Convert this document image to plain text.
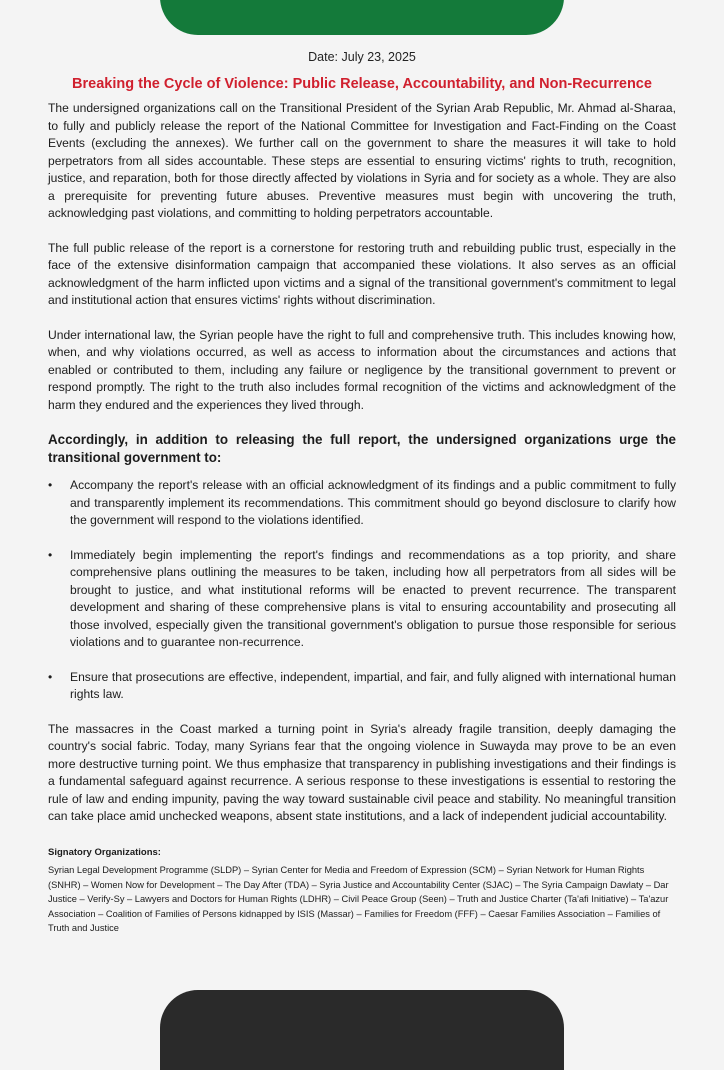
Date: July 23, 2025
Breaking the Cycle of Violence: Public Release, Accountability, and Non-Recurrence

The undersigned organizations call on the Transitional President of the Syrian Arab Republic, Mr. Ahmad al-Sharaa, to fully and publicly release the report of the National Committee for Investigation and Fact-Finding on the Coast Events (excluding the annexes). We further call on the government to share the measures it will take to hold perpetrators from all sides accountable. These steps are essential to ensuring victims' rights to truth, recognition, justice, and reparation, both for those directly affected by violations in Syria and for society as a whole. They are also a prerequisite for preventing future abuses. Preventive measures must begin with uncovering the truth, acknowledging past violations, and committing to holding perpetrators accountable.

The full public release of the report is a cornerstone for restoring truth and rebuilding public trust, especially in the face of the extensive disinformation campaign that accompanied these violations. It also serves as an official acknowledgment of the harm inflicted upon victims and a signal of the transitional government's commitment to legal and institutional action that ensures victims' rights without discrimination.

Under international law, the Syrian people have the right to full and comprehensive truth. This includes knowing how, when, and why violations occurred, as well as access to information about the circumstances and actions that enabled or contributed to them, including any failure or negligence by the transitional government to prevent or respond promptly. The right to the truth also includes formal recognition of the victims and acknowledgment of the harm they endured and the experiences they lived through.

Accordingly, in addition to releasing the full report, the undersigned organizations urge the transitional government to:
• Accompany the report's release with an official acknowledgment of its findings and a public commitment to fully and transparently implement its recommendations. This commitment should go beyond disclosure to clarify how the government will respond to the violations identified.
• Immediately begin implementing the report's findings and recommendations as a top priority, and share comprehensive plans outlining the measures to be taken, including how all perpetrators from all sides will be brought to justice, and what institutional reforms will be enacted to prevent recurrence. The transparent development and sharing of these comprehensive plans is vital to ensuring accountability and prosecuting all those involved, especially given the transitional government's obligation to pursue those responsible for serious violations and to guarantee non-recurrence.
• Ensure that prosecutions are effective, independent, impartial, and fair, and fully aligned with international human rights law.

The massacres in the Coast marked a turning point in Syria's already fragile transition, deeply damaging the country's social fabric. Today, many Syrians fear that the ongoing violence in Suwayda may prove to be an even more destructive turning point. We thus emphasize that transparency in publishing investigations and their findings is a fundamental safeguard against recurrence. A serious response to these investigations is essential to restoring the rule of law and ending impunity, paving the way toward sustainable civil peace and stability. No meaningful transition can take place amid unchecked weapons, absent state institutions, and a lack of independent judicial accountability.

Signatory Organizations:
Syrian Legal Development Programme (SLDP) – Syrian Center for Media and Freedom of Expression (SCM) – Syrian Network for Human Rights (SNHR) – Women Now for Development – The Day After (TDA) – Syria Justice and Accountability Center (SJAC) – The Syria Campaign Dawlaty – Dar Justice – Verify-Sy – Lawyers and Doctors for Human Rights (LDHR) – Civil Peace Group (Seen) – Truth and Justice Charter (Ta'afi Initiative) – Ta'azur Association – Coalition of Families of Persons kidnapped by ISIS (Massar) – Families for Freedom (FFF) – Caesar Families Association – Families of Truth and Justice
